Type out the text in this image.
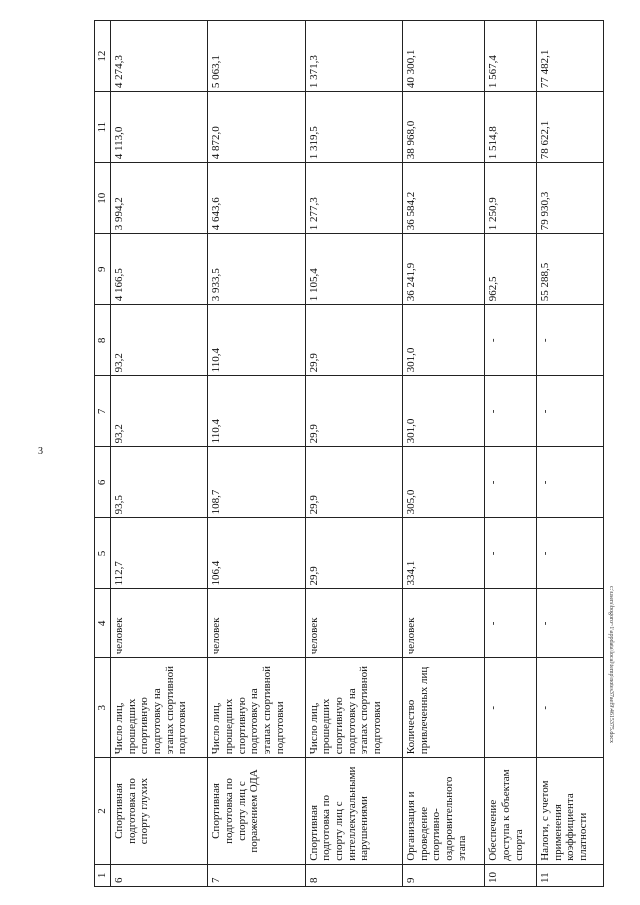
3
1	2	3	4	5	6	7	8	9	10	11	12
6	Спортивная подготовка по спорту глухих	Число лиц, прошедших спортивную подготовку на этапах спортивной подготовки	человек	112,7	93,5	93,2	93,2	4 166,5	3 994,2	4 113,0	4 274,3
7	Спортивная подготовка по спорту лиц с поражением ОДА	Число лиц, прошедших спортивную подготовку на этапах спортивной подготовки	человек	106,4	108,7	110,4	110,4	3 933,5	4 643,6	4 872,0	5 063,1
8	Спортивная подготовка по спорту лиц с интеллектуальными нарушениями	Число лиц, прошедших спортивную подготовку на этапах спортивной подготовки	человек	29,9	29,9	29,9	29,9	1 105,4	1 277,3	1 319,5	1 371,3
9	Организация и проведение спортивно-оздоровительного этапа	Количество привлеченных лиц	человек	334,1	305,0	301,0	301,0	36 241,9	36 584,2	38 968,0	40 300,1
10	Обеспечение доступа к объектам спорта	-	-	-	-	-	-	962,5	1 250,9	1 514,8	1 567,4
11	Налоги, с учетом применения коэффициента платности	-	-	-	-	-	-	55 288,5	79 930,3	78 622,1	77 482,1
c:\users\bogoro~1\appdata\local\temp\notes37aef9\4615375.docx
